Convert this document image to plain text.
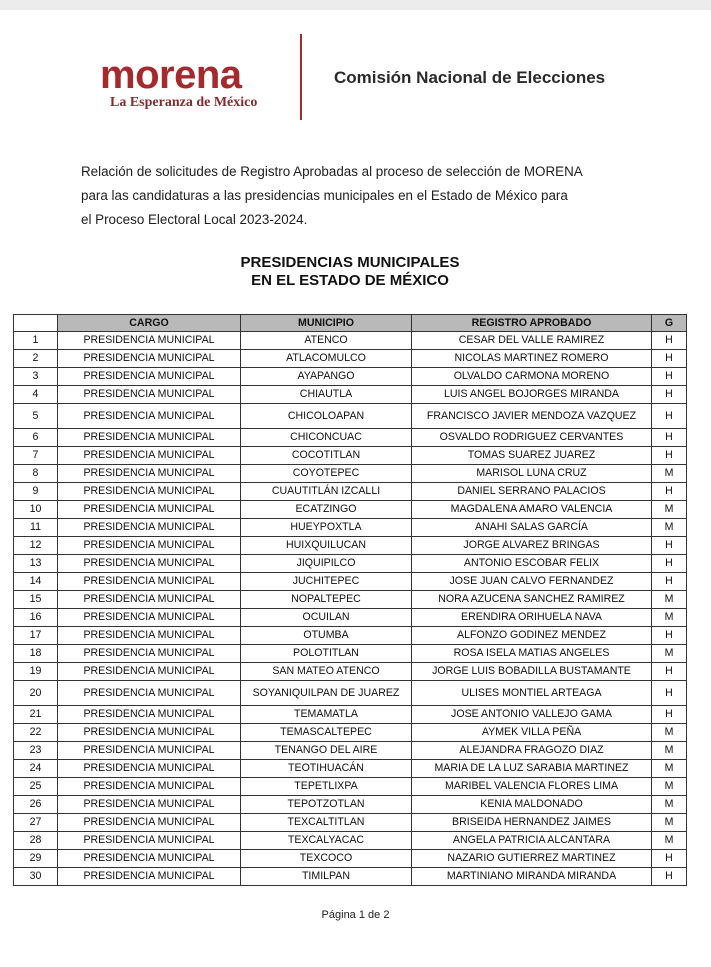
morena
La Esperanza de México
Comisión Nacional de Elecciones
Relación de solicitudes de Registro Aprobadas al proceso de selección de MORENA
para las candidaturas a las presidencias municipales en el Estado de México para
el Proceso Electoral Local 2023-2024.
PRESIDENCIAS MUNICIPALES
EN EL ESTADO DE MÉXICO
	CARGO	MUNICIPIO	REGISTRO APROBADO	G
1	PRESIDENCIA MUNICIPAL	ATENCO	CESAR DEL VALLE RAMIREZ	H
2	PRESIDENCIA MUNICIPAL	ATLACOMULCO	NICOLAS MARTINEZ ROMERO	H
3	PRESIDENCIA MUNICIPAL	AYAPANGO	OLVALDO CARMONA MORENO	H
4	PRESIDENCIA MUNICIPAL	CHIAUTLA	LUIS ANGEL BOJORGES MIRANDA	H
5	PRESIDENCIA MUNICIPAL	CHICOLOAPAN	FRANCISCO JAVIER MENDOZA VAZQUEZ	H
6	PRESIDENCIA MUNICIPAL	CHICONCUAC	OSVALDO RODRIGUEZ CERVANTES	H
7	PRESIDENCIA MUNICIPAL	COCOTITLAN	TOMAS SUAREZ JUAREZ	H
8	PRESIDENCIA MUNICIPAL	COYOTEPEC	MARISOL LUNA CRUZ	M
9	PRESIDENCIA MUNICIPAL	CUAUTITLÁN IZCALLI	DANIEL SERRANO PALACIOS	H
10	PRESIDENCIA MUNICIPAL	ECATZINGO	MAGDALENA AMARO VALENCIA	M
11	PRESIDENCIA MUNICIPAL	HUEYPOXTLA	ANAHI SALAS GARCÍA	M
12	PRESIDENCIA MUNICIPAL	HUIXQUILUCAN	JORGE ALVAREZ BRINGAS	H
13	PRESIDENCIA MUNICIPAL	JIQUIPILCO	ANTONIO ESCOBAR FELIX	H
14	PRESIDENCIA MUNICIPAL	JUCHITEPEC	JOSE JUAN CALVO FERNANDEZ	H
15	PRESIDENCIA MUNICIPAL	NOPALTEPEC	NORA AZUCENA SANCHEZ RAMIREZ	M
16	PRESIDENCIA MUNICIPAL	OCUILAN	ERENDIRA ORIHUELA NAVA	M
17	PRESIDENCIA MUNICIPAL	OTUMBA	ALFONZO GODINEZ MENDEZ	H
18	PRESIDENCIA MUNICIPAL	POLOTITLAN	ROSA ISELA MATIAS ANGELES	M
19	PRESIDENCIA MUNICIPAL	SAN MATEO ATENCO	JORGE LUIS BOBADILLA BUSTAMANTE	H
20	PRESIDENCIA MUNICIPAL	SOYANIQUILPAN DE JUAREZ	ULISES MONTIEL ARTEAGA	H
21	PRESIDENCIA MUNICIPAL	TEMAMATLA	JOSE ANTONIO VALLEJO GAMA	H
22	PRESIDENCIA MUNICIPAL	TEMASCALTEPEC	AYMEK VILLA PEÑA	M
23	PRESIDENCIA MUNICIPAL	TENANGO DEL AIRE	ALEJANDRA FRAGOZO DIAZ	M
24	PRESIDENCIA MUNICIPAL	TEOTIHUACÁN	MARIA DE LA LUZ SARABIA MARTINEZ	M
25	PRESIDENCIA MUNICIPAL	TEPETLIXPA	MARIBEL VALENCIA FLORES LIMA	M
26	PRESIDENCIA MUNICIPAL	TEPOTZOTLAN	KENIA MALDONADO	M
27	PRESIDENCIA MUNICIPAL	TEXCALTITLAN	BRISEIDA HERNANDEZ JAIMES	M
28	PRESIDENCIA MUNICIPAL	TEXCALYACAC	ANGELA PATRICIA ALCANTARA	M
29	PRESIDENCIA MUNICIPAL	TEXCOCO	NAZARIO GUTIERREZ MARTINEZ	H
30	PRESIDENCIA MUNICIPAL	TIMILPAN	MARTINIANO MIRANDA MIRANDA	H
Página 1 de 2
